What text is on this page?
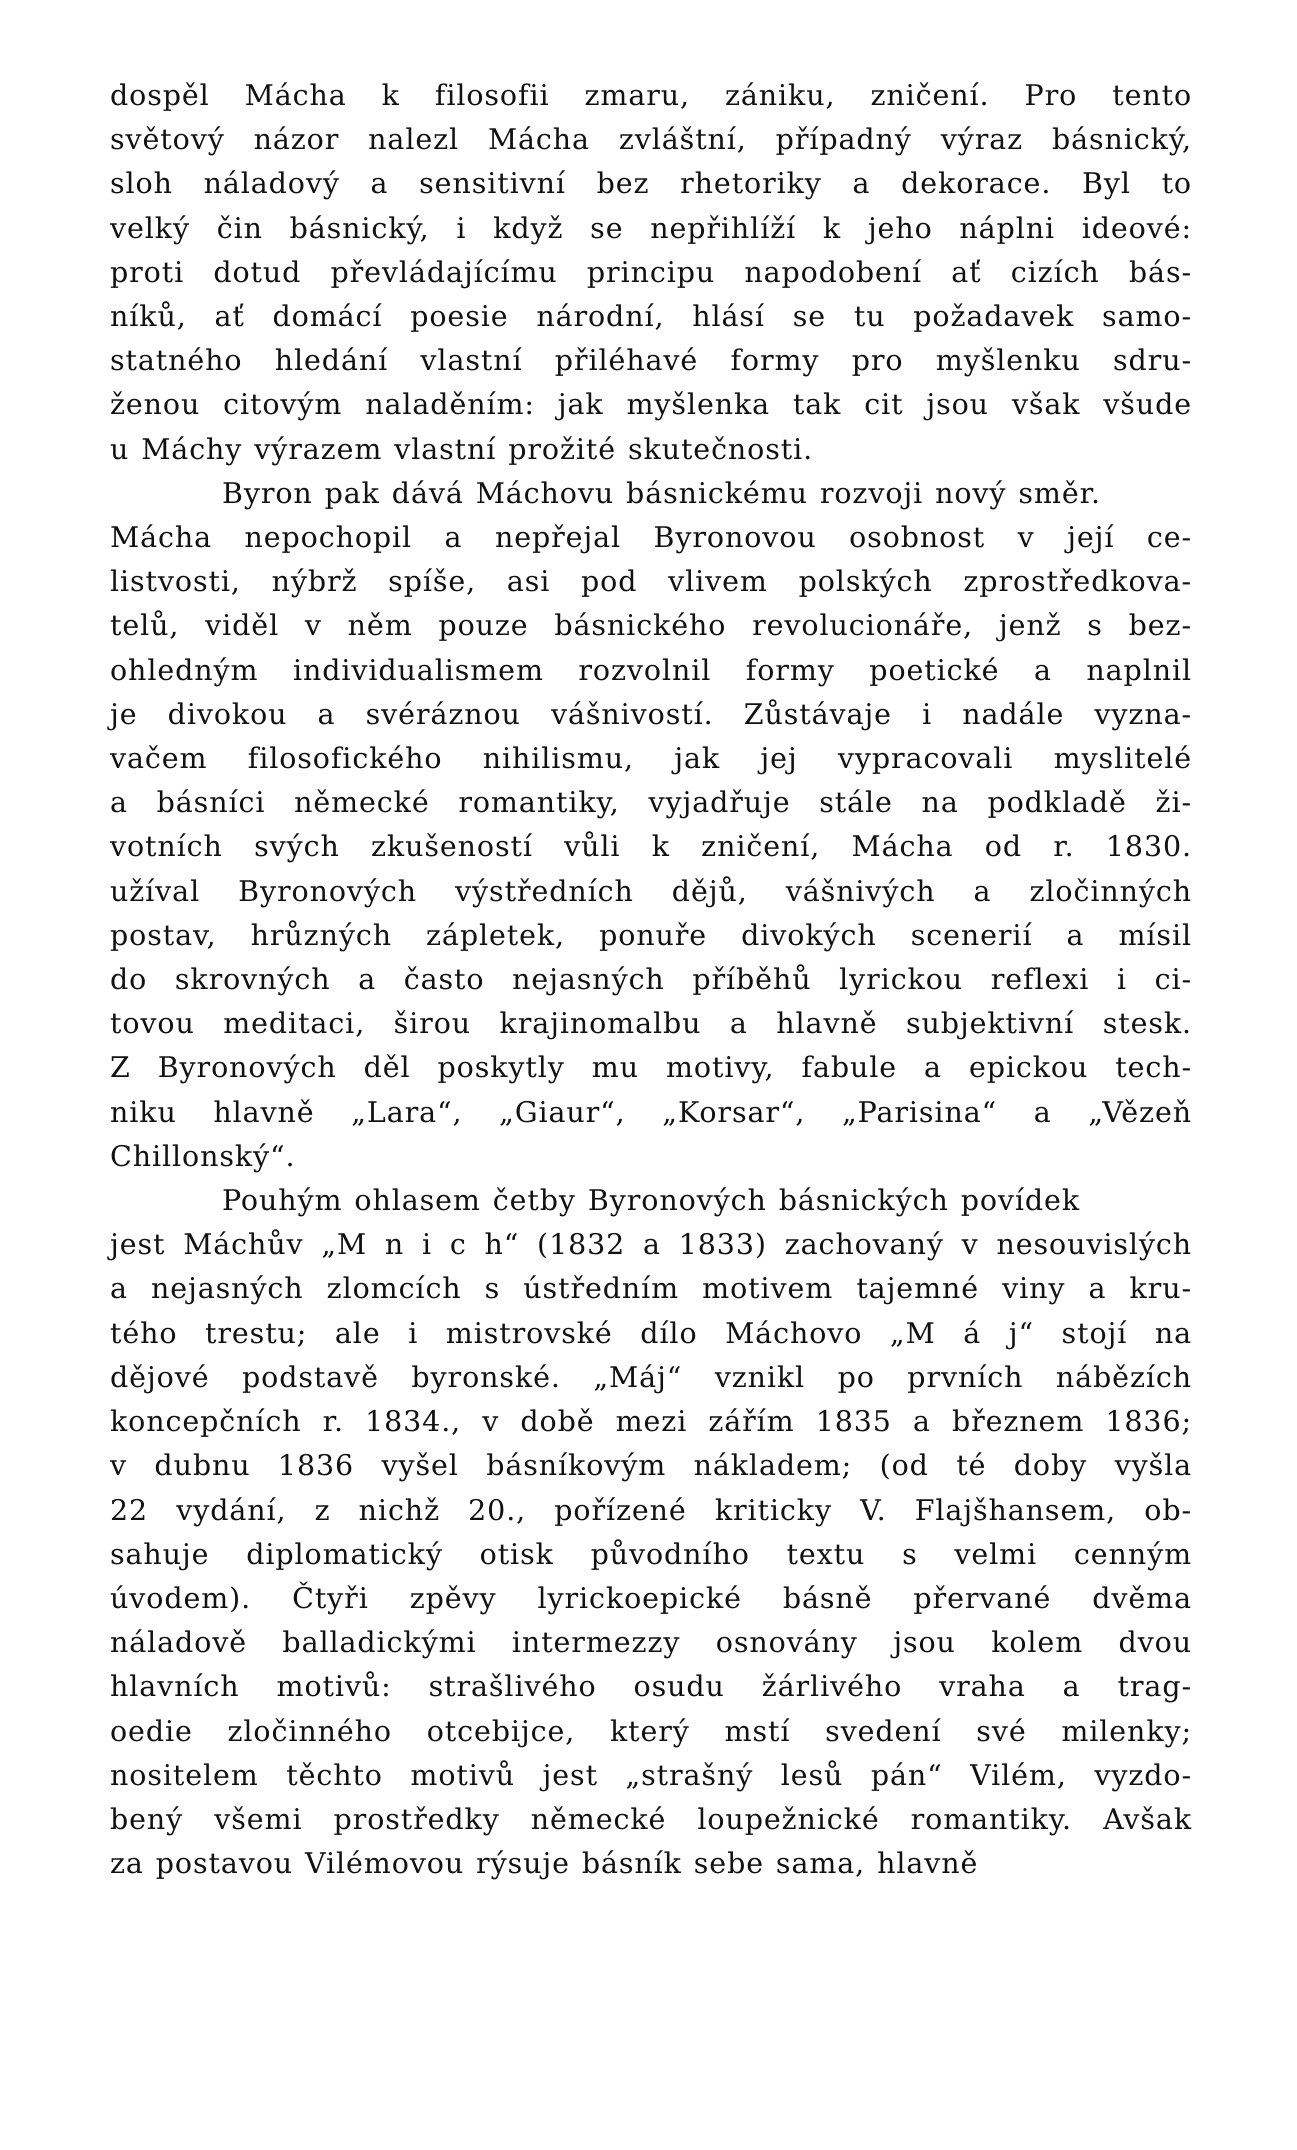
dospěl Mácha k filosofii zmaru, zániku, zničení. Pro tento
světový názor nalezl Mácha zvláštní, případný výraz básnický,
sloh náladový a sensitivní bez rhetoriky a dekorace. Byl to
velký čin básnický, i když se nepřihlíží k jeho náplni ideové:
proti dotud převládajícímu principu napodobení ať cizích bás-
níků, ať domácí poesie národní, hlásí se tu požadavek samo-
statného hledání vlastní přiléhavé formy pro myšlenku sdru-
ženou citovým naladěním: jak myšlenka tak cit jsou však všude
u Máchy výrazem vlastní prožité skutečnosti.

Byron pak dává Máchovu básnickému rozvoji nový směr.
Mácha nepochopil a nepřejal Byronovou osobnost v její ce-
listvosti, nýbrž spíše, asi pod vlivem polských zprostředkova-
telů, viděl v něm pouze básnického revolucionáře, jenž s bez-
ohledným individualismem rozvolnil formy poetické a naplnil
je divokou a svéráznou vášnivostí. Zůstávaje i nadále vyzna-
vačem filosofického nihilismu, jak jej vypracovali myslitelé
a básníci německé romantiky, vyjadřuje stále na podkladě ži-
votních svých zkušeností vůli k zničení, Mácha od r. 1830.
užíval Byronových výstředních dějů, vášnivých a zločinných
postav, hrůzných zápletek, ponuře divokých scenerií a mísil
do skrovných a často nejasných příběhů lyrickou reflexi i ci-
tovou meditaci, širou krajinomalbu a hlavně subjektivní stesk.
Z Byronových děl poskytly mu motivy, fabule a epickou tech-
niku hlavně „Lara“, „Giaur“, „Korsar“, „Parisina“ a „Vězeň
Chillonský“.

Pouhým ohlasem četby Byronových básnických povídek
jest Máchův „M n i c h“ (1832 a 1833) zachovaný v nesouvislých
a nejasných zlomcích s ústředním motivem tajemné viny a kru-
tého trestu; ale i mistrovské dílo Máchovo „M á j“ stojí na
dějové podstavě byronské. „Máj“ vznikl po prvních nábězích
koncepčních r. 1834., v době mezi zářím 1835 a březnem 1836;
v dubnu 1836 vyšel básníkovým nákladem; (od té doby vyšla
22 vydání, z nichž 20., pořízené kriticky V. Flajšhansem, ob-
sahuje diplomatický otisk původního textu s velmi cenným
úvodem). Čtyři zpěvy lyrickoepické básně přervané dvěma
náladově balladickými intermezzy osnovány jsou kolem dvou
hlavních motivů: strašlivého osudu žárlivého vraha a trag-
oedie zločinného otcebijce, který mstí svedení své milenky;
nositelem těchto motivů jest „strašný lesů pán“ Vilém, vyzdo-
bený všemi prostředky německé loupežnické romantiky. Avšak
za postavou Vilémovou rýsuje básník sebe sama, hlavně
